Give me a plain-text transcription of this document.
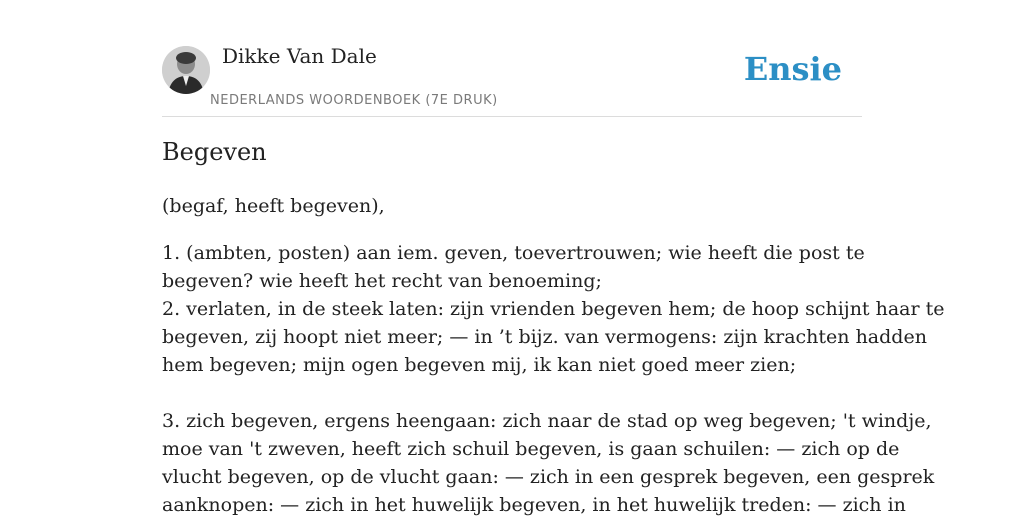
Dikke Van Dale
NEDERLANDS WOORDENBOEK (7E DRUK)
Ensie
Begeven
(begaf, heeft begeven),

1. (ambten, posten) aan iem. geven, toevertrouwen; wie heeft die post te

begeven? wie heeft het recht van benoeming;

2. verlaten, in de steek laten: zijn vrienden begeven hem; de hoop schijnt haar te

begeven, zij hoopt niet meer; — in ’t bijz. van vermogens: zijn krachten hadden

hem begeven; mijn ogen begeven mij, ik kan niet goed meer zien;

3. zich begeven, ergens heengaan: zich naar de stad op weg begeven; 't windje,

moe van 't zweven, heeft zich schuil begeven, is gaan schuilen: — zich op de

vlucht begeven, op de vlucht gaan: — zich in een gesprek begeven, een gesprek

aanknopen: — zich in het huwelijk begeven, in het huwelijk treden: — zich in
